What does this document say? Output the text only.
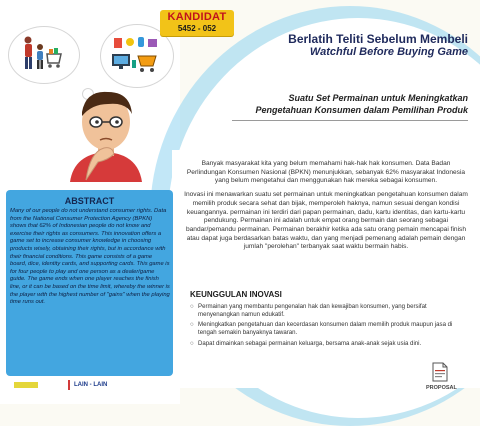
KANDIDAT
5452 - 052
Berlatih Teliti Sebelum Membeli
Watchful Before Buying Game
Suatu Set Permainan untuk Meningkatkan
Pengetahuan Konsumen dalam Pemilihan Produk

Banyak masyarakat kita yang belum memahami hak-hak hak konsumen. Data Badan Perlindungan Konsumen Nasional (BPKN) menunjukkan, sebanyak 62% masyarakat Indonesia yang belum mengetahui dan menggunakan hak mereka sebagai konsumen.

Inovasi ini menawarkan suatu set permainan untuk meningkatkan pengetahuan konsumen dalam memilih produk secara sehat dan bijak, memperoleh haknya, namun sesuai dengan kondisi keuangannya. permainan ini terdiri dari papan permainan, dadu, kartu identitas, dan kartu-kartu pendukung. Permainan ini adalah untuk empat orang bermain dan seorang sebagai bandar/pemandu permainan. Permainan berakhir ketika ada satu orang pemain mencapai finish atau dapat juga berdasarkan batas waktu, dan yang menjadi pemenang adalah pemain dengan jumlah "perolehan" terbanyak saat waktu bermain habis.

KEUNGGULAN INOVASI
○ Permainan yang membantu pengenalan hak dan kewajiban konsumen, yang bersifat menyenangkan namun edukatif.
○ Meningkatkan pengetahuan dan kecerdasan konsumen dalam memilih produk maupun jasa di tengah semakin banyaknya tawaran.
○ Dapat dimainkan sebagai permainan keluarga, bersama anak-anak sejak usia dini.
ABSTRACT
Many of our people do not understand consumer rights. Data from the National Consumer Protection Agency (BPKN) shows that 62% of Indonesian people do not know and exercise their rights as consumers. This innovation offers a game set to increase consumer knowledge in choosing products wisely, obtaining their rights, but in accordance with their financial conditions. This game consists of a game board, dice, identity cards, and supporting cards. This game is for four people to play and one person as a dealer/game guide. The game ends when one player reaches the finish line, or it can be based on the time limit, whereby the winner is the player with the highest number of "gains" when the playing time runs out.
LAIN - LAIN	PROPOSAL
